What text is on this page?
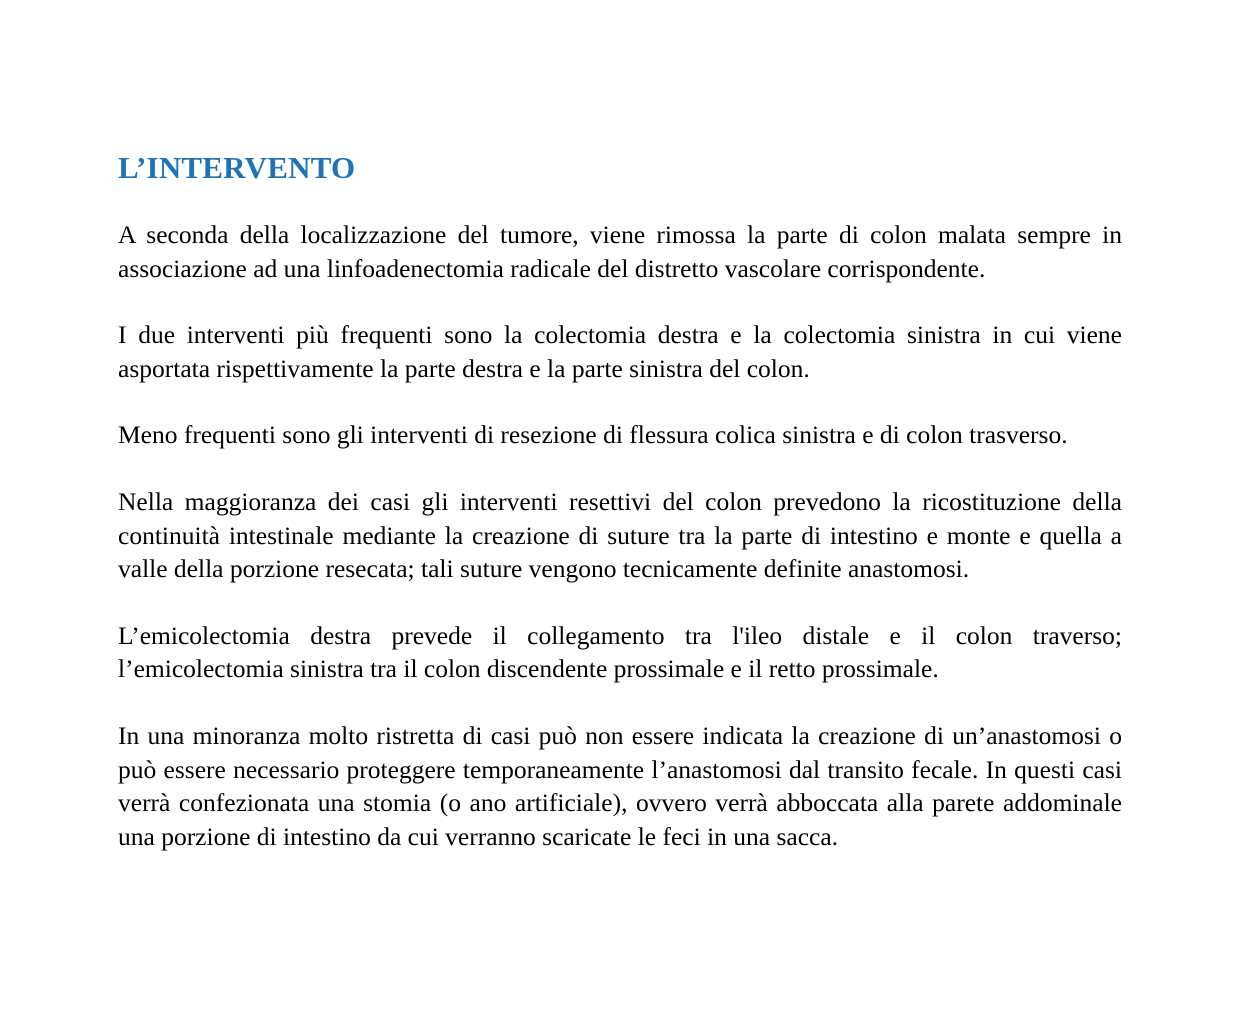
L’INTERVENTO

A seconda della localizzazione del tumore, viene rimossa la parte di colon malata sempre in associazione ad una linfoadenectomia radicale del distretto vascolare corrispondente.

I due interventi più frequenti sono la colectomia destra e la colectomia sinistra in cui viene asportata rispettivamente la parte destra e la parte sinistra del colon.

Meno frequenti sono gli interventi di resezione di flessura colica sinistra e di colon trasverso.

Nella maggioranza dei casi gli interventi resettivi del colon prevedono la ricostituzione della continuità intestinale mediante la creazione di suture tra la parte di intestino e monte e quella a valle della porzione resecata; tali suture vengono tecnicamente definite anastomosi.

L’emicolectomia destra prevede il collegamento tra l'ileo distale e il colon traverso; l’emicolectomia sinistra tra il colon discendente prossimale e il retto prossimale.

In una minoranza molto ristretta di casi può non essere indicata la creazione di un’anastomosi o può essere necessario proteggere temporaneamente l’anastomosi dal transito fecale. In questi casi verrà confezionata una stomia (o ano artificiale), ovvero verrà abboccata alla parete addominale una porzione di intestino da cui verranno scaricate le feci in una sacca.
